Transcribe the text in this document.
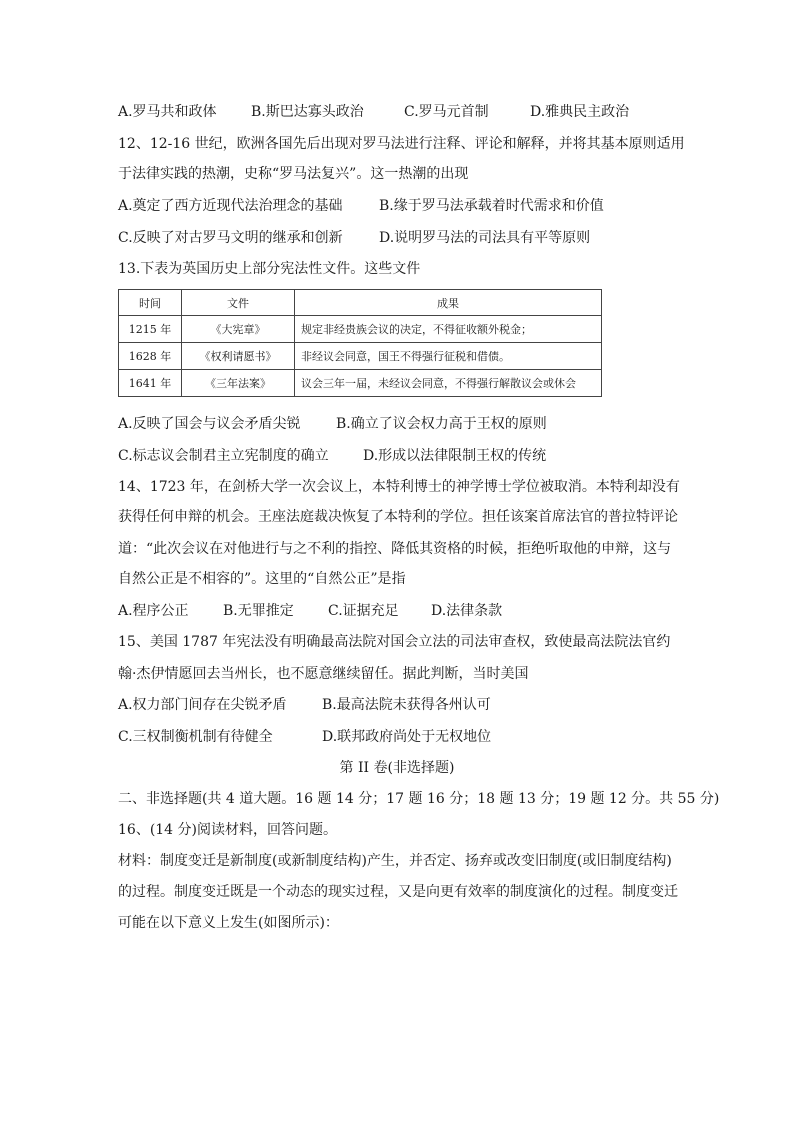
A.罗马共和政体 B.斯巴达寡头政治	C.罗马元首制	D.雅典民主政治
12、12-16 世纪，欧洲各国先后出现对罗马法进行注释、评论和解释，并将其基本原则适用
于法律实践的热潮，史称“罗马法复兴”。这一热潮的出现
A.奠定了西方近现代法治理念的基础	B.缘于罗马法承载着时代需求和价值
C.反映了对古罗马文明的继承和创新	D.说明罗马法的司法具有平等原则
13.下表为英国历史上部分宪法性文件。这些文件
时间	文件	成果
1215 年	《大宪章》	规定非经贵族会议的决定，不得征收额外税金；
1628 年	《权利请愿书》	非经议会同意，国王不得强行征税和借债。
1641 年	《三年法案》	议会三年一届，未经议会同意，不得强行解散议会或休会
A.反映了国会与议会矛盾尖锐	B.确立了议会权力高于王权的原则
C.标志议会制君主立宪制度的确立 D.形成以法律限制王权的传统
14、1723 年，在剑桥大学一次会议上，本特利博士的神学博士学位被取消。本特利却没有
获得任何申辩的机会。王座法庭裁决恢复了本特利的学位。担任该案首席法官的普拉特评论
道：“此次会议在对他进行与之不利的指控、降低其资格的时候，拒绝听取他的申辩，这与
自然公正是不相容的”。这里的“自然公正”是指
A.程序公正 B.无罪推定 C.证据充足 D.法律条款
15、美国 1787 年宪法没有明确最高法院对国会立法的司法审查权，致使最高法院法官约
翰·杰伊情愿回去当州长，也不愿意继续留任。据此判断，当时美国
A.权力部门间存在尖锐矛盾	B.最高法院未获得各州认可
C.三权制衡机制有待健全	D.联邦政府尚处于无权地位
第 II 卷(非选择题)
二、非选择题(共 4 道大题。16 题 14 分；17 题 16 分；18 题 13 分；19 题 12 分。共 55 分)
16、(14 分)阅读材料，回答问题。
材料：制度变迁是新制度(或新制度结构)产生，并否定、扬弃或改变旧制度(或旧制度结构)
的过程。制度变迁既是一个动态的现实过程，又是向更有效率的制度演化的过程。制度变迁
可能在以下意义上发生(如图所示)：
